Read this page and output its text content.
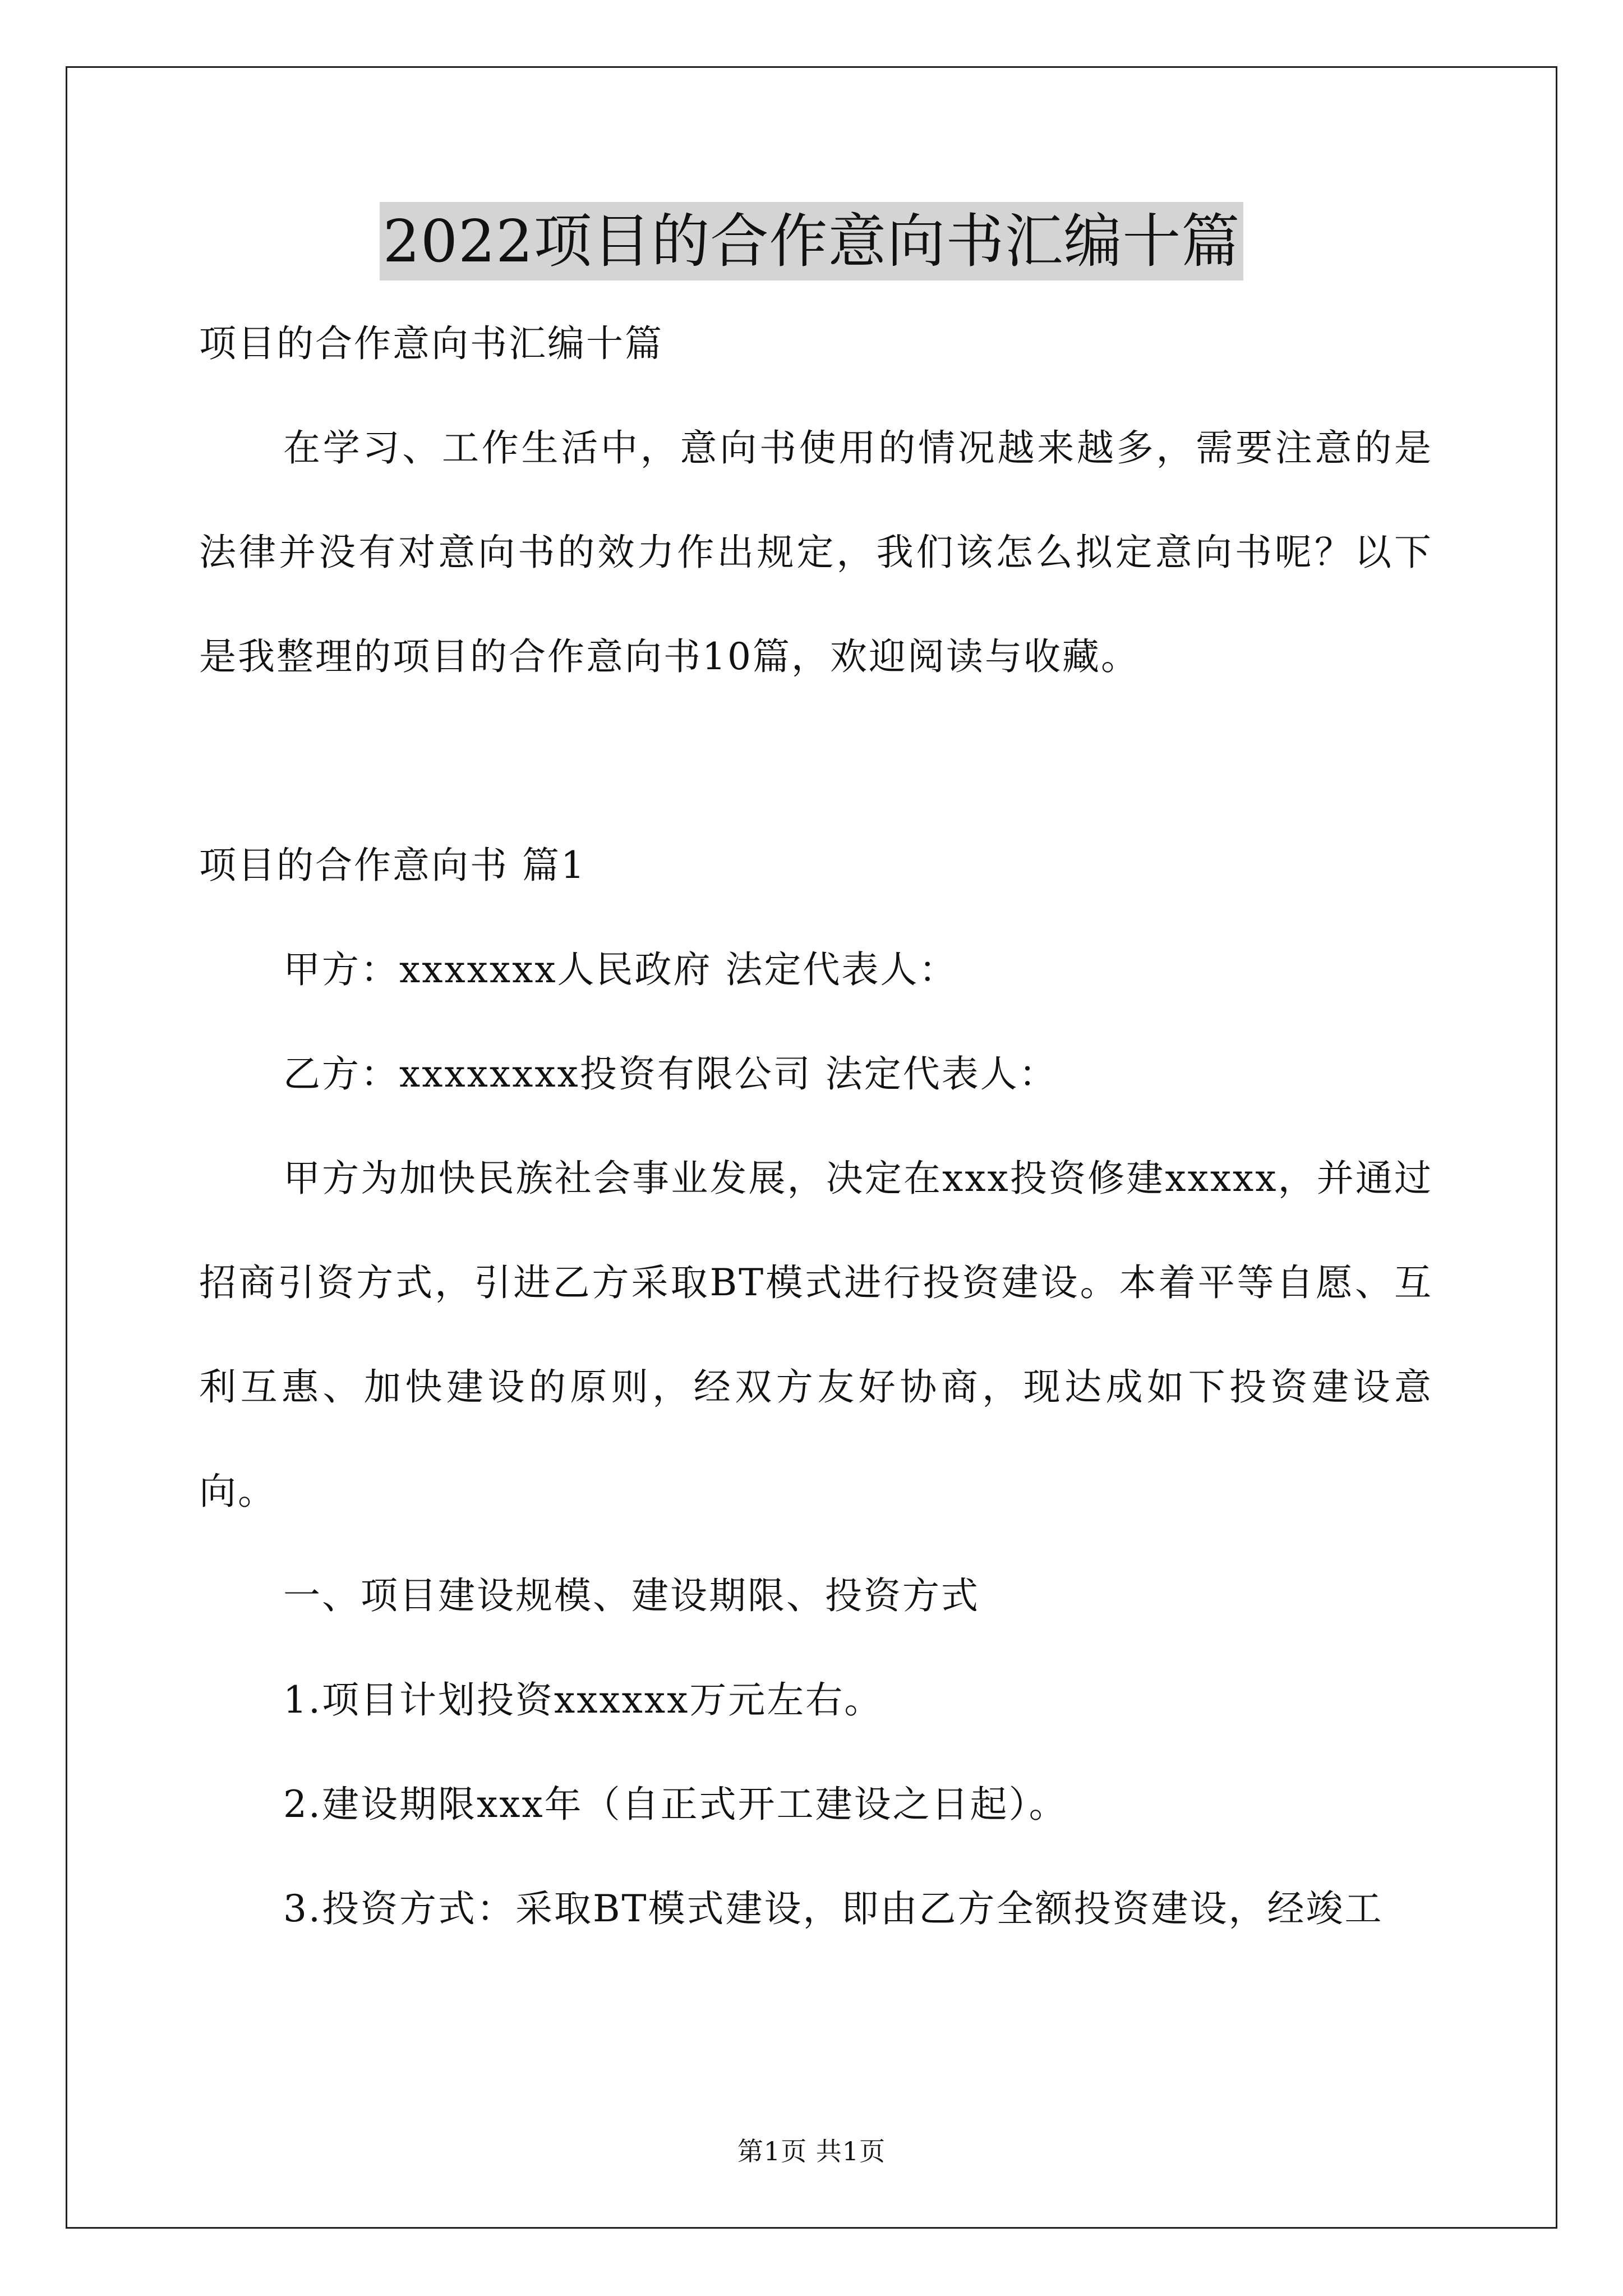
2022项目的合作意向书汇编十篇

项目的合作意向书汇编十篇

在学习、工作生活中，意向书使用的情况越来越多，需要注意的是法律并没有对意向书的效力作出规定，我们该怎么拟定意向书呢？以下是我整理的项目的合作意向书10篇，欢迎阅读与收藏。

项目的合作意向书 篇1

甲方：xxxxxxx人民政府 法定代表人：

乙方：xxxxxxxx投资有限公司 法定代表人：

甲方为加快民族社会事业发展，决定在xxx投资修建xxxxx，并通过招商引资方式，引进乙方采取BT模式进行投资建设。本着平等自愿、互利互惠、加快建设的原则，经双方友好协商，现达成如下投资建设意向。

一、项目建设规模、建设期限、投资方式

1.项目计划投资xxxxxx万元左右。

2.建设期限xxx年（自正式开工建设之日起）。

3.投资方式：采取BT模式建设，即由乙方全额投资建设，经竣工

第1页 共1页
